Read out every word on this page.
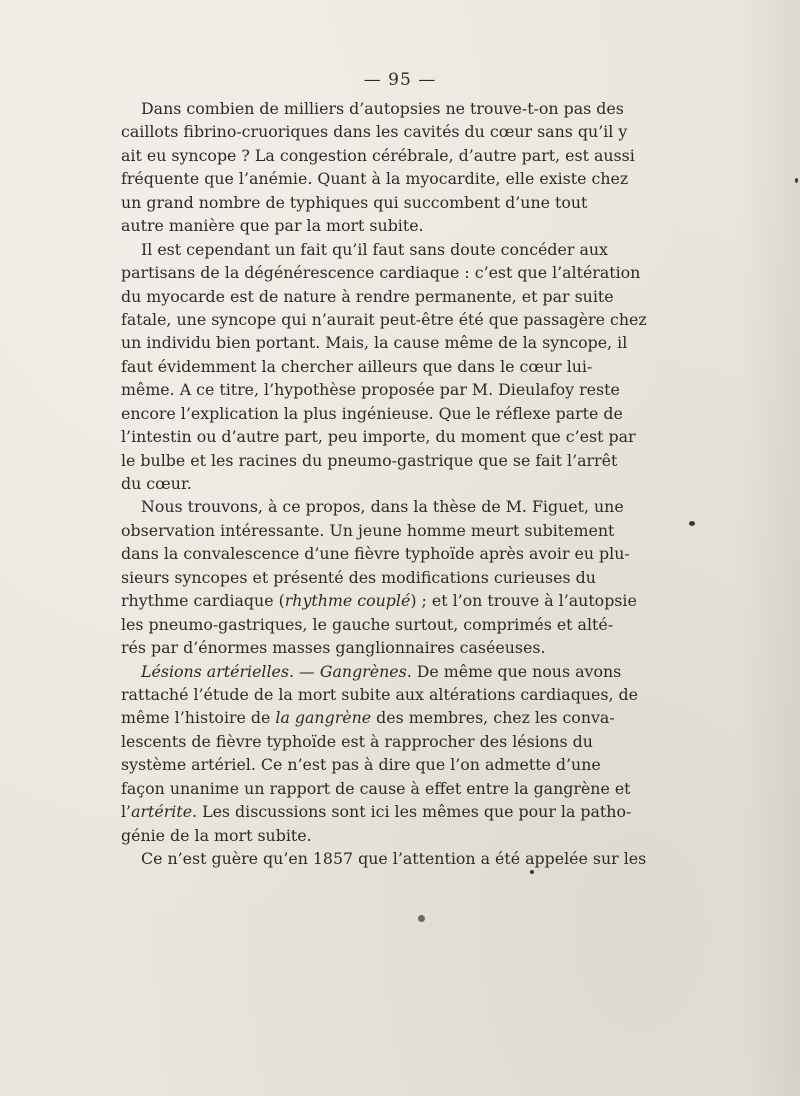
— 95 —
Dans combien de milliers d’autopsies ne trouve-t-on pas des
caillots fibrino-cruoriques dans les cavités du cœur sans qu’il y
ait eu syncope ? La congestion cérébrale, d’autre part, est aussi
fréquente que l’anémie. Quant à la myocardite, elle existe chez
un grand nombre de typhiques qui succombent d’une tout
autre manière que par la mort subite.
Il est cependant un fait qu’il faut sans doute concéder aux
partisans de la dégénérescence cardiaque : c’est que l’altération
du myocarde est de nature à rendre permanente, et par suite
fatale, une syncope qui n’aurait peut-être été que passagère chez
un individu bien portant. Mais, la cause même de la syncope, il
faut évidemment la chercher ailleurs que dans le cœur lui-
même. A ce titre, l’hypothèse proposée par M. Dieulafoy reste
encore l’explication la plus ingénieuse. Que le réflexe parte de
l’intestin ou d’autre part, peu importe, du moment que c’est par
le bulbe et les racines du pneumo-gastrique que se fait l’arrêt
du cœur.
Nous trouvons, à ce propos, dans la thèse de M. Figuet, une
observation intéressante. Un jeune homme meurt subitement
dans la convalescence d’une fièvre typhoïde après avoir eu plu-
sieurs syncopes et présenté des modifications curieuses du
rhythme cardiaque (rhythme couplé) ; et l’on trouve à l’autopsie
les pneumo-gastriques, le gauche surtout, comprimés et alté-
rés par d’énormes masses ganglionnaires caséeuses.
Lésions artérielles. — Gangrènes. De même que nous avons
rattaché l’étude de la mort subite aux altérations cardiaques, de
même l’histoire de la gangrène des membres, chez les conva-
lescents de fièvre typhoïde est à rapprocher des lésions du
système artériel. Ce n’est pas à dire que l’on admette d’une
façon unanime un rapport de cause à effet entre la gangrène et
l’artérite. Les discussions sont ici les mêmes que pour la patho-
génie de la mort subite.
Ce n’est guère qu’en 1857 que l’attention a été appelée sur les
